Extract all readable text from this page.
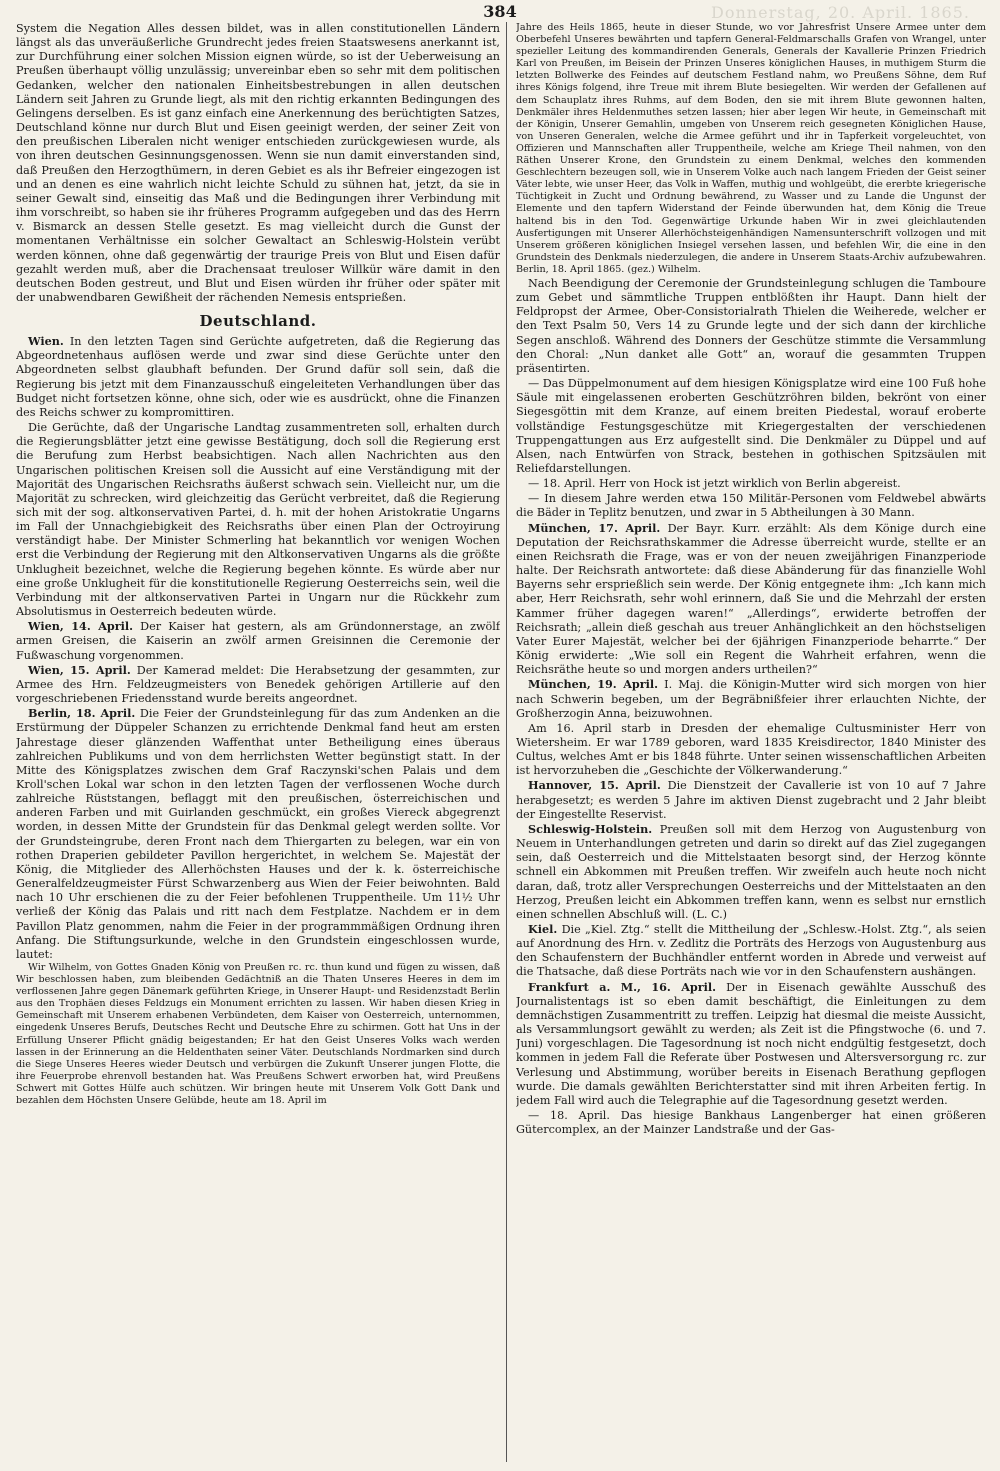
384	Donnerstag, 20. April. 1865.

System die Negation Alles dessen bildet, was in allen constitutionellen Ländern längst als das unveräußerliche Grundrecht jedes freien Staatswesens anerkannt ist, zur Durchführung einer solchen Mission eignen würde, so ist der Ueberweisung an Preußen überhaupt völlig unzulässig; unvereinbar eben so sehr mit dem politischen Gedanken, welcher den nationalen Einheitsbestrebungen in allen deutschen Ländern seit Jahren zu Grunde liegt, als mit den richtig erkannten Bedingungen des Gelingens derselben. Es ist ganz einfach eine Anerkennung des berüchtigten Satzes, Deutschland könne nur durch Blut und Eisen geeinigt werden, der seiner Zeit von den preußischen Liberalen nicht weniger entschieden zurückgewiesen wurde, als von ihren deutschen Gesinnungsgenossen. Wenn sie nun damit einverstanden sind, daß Preußen den Herzogthümern, in deren Gebiet es als ihr Befreier eingezogen ist und an denen es eine wahrlich nicht leichte Schuld zu sühnen hat, jetzt, da sie in seiner Gewalt sind, einseitig das Maß und die Bedingungen ihrer Verbindung mit ihm vorschreibt, so haben sie ihr früheres Programm aufgegeben und das des Herrn v. Bismarck an dessen Stelle gesetzt. Es mag vielleicht durch die Gunst der momentanen Verhältnisse ein solcher Gewaltact an Schleswig-Holstein verübt werden können, ohne daß gegenwärtig der traurige Preis von Blut und Eisen dafür gezahlt werden muß, aber die Drachensaat treuloser Willkür wäre damit in den deutschen Boden gestreut, und Blut und Eisen würden ihr früher oder später mit der unabwendbaren Gewißheit der rächenden Nemesis entsprießen.

Deutschland.

Wien. In den letzten Tagen sind Gerüchte aufgetreten, daß die Regierung das Abgeordnetenhaus auflösen werde und zwar sind diese Gerüchte unter den Abgeordneten selbst glaubhaft befunden. Der Grund dafür soll sein, daß die Regierung bis jetzt mit dem Finanzausschuß eingeleiteten Verhandlungen über das Budget nicht fortsetzen könne, ohne sich, oder wie es ausdrückt, ohne die Finanzen des Reichs schwer zu kompromittiren.

Die Gerüchte, daß der Ungarische Landtag zusammentreten soll, erhalten durch die Regierungsblätter jetzt eine gewisse Bestätigung, doch soll die Regierung erst die Berufung zum Herbst beabsichtigen. Nach allen Nachrichten aus den Ungarischen politischen Kreisen soll die Aussicht auf eine Verständigung mit der Majorität des Ungarischen Reichsraths äußerst schwach sein. Vielleicht nur, um die Majorität zu schrecken, wird gleichzeitig das Gerücht verbreitet, daß die Regierung sich mit der sog. altkonservativen Partei, d. h. mit der hohen Aristokratie Ungarns im Fall der Unnachgiebigkeit des Reichsraths über einen Plan der Octroyirung verständigt habe. Der Minister Schmerling hat bekanntlich vor wenigen Wochen erst die Verbindung der Regierung mit den Altkonservativen Ungarns als die größte Unklugheit bezeichnet, welche die Regierung begehen könnte. Es würde aber nur eine große Unklugheit für die konstitutionelle Regierung Oesterreichs sein, weil die Verbindung mit der altkonservativen Partei in Ungarn nur die Rückkehr zum Absolutismus in Oesterreich bedeuten würde.

Wien, 14. April. Der Kaiser hat gestern, als am Gründonnerstage, an zwölf armen Greisen, die Kaiserin an zwölf armen Greisinnen die Ceremonie der Fußwaschung vorgenommen.

Wien, 15. April. Der Kamerad meldet: Die Herabsetzung der gesammten, zur Armee des Hrn. Feldzeugmeisters von Benedek gehörigen Artillerie auf den vorgeschriebenen Friedensstand wurde bereits angeordnet.

Berlin, 18. April. Die Feier der Grundsteinlegung für das zum Andenken an die Erstürmung der Düppeler Schanzen zu errichtende Denkmal fand heut am ersten Jahrestage dieser glänzenden Waffenthat unter Betheiligung eines überaus zahlreichen Publikums und von dem herrlichsten Wetter begünstigt statt. In der Mitte des Königsplatzes zwischen dem Graf Raczynski'schen Palais und dem Kroll'schen Lokal war schon in den letzten Tagen der verflossenen Woche durch zahlreiche Rüststangen, beflaggt mit den preußischen, österreichischen und anderen Farben und mit Guirlanden geschmückt, ein großes Viereck abgegrenzt worden, in dessen Mitte der Grundstein für das Denkmal gelegt werden sollte. Vor der Grundsteingrube, deren Front nach dem Thiergarten zu belegen, war ein von rothen Draperien gebildeter Pavillon hergerichtet, in welchem Se. Majestät der König, die Mitglieder des Allerhöchsten Hauses und der k. k. österreichische Generalfeldzeugmeister Fürst Schwarzenberg aus Wien der Feier beiwohnten. Bald nach 10 Uhr erschienen die zu der Feier befohlenen Truppentheile. Um 11½ Uhr verließ der König das Palais und ritt nach dem Festplatze. Nachdem er in dem Pavillon Platz genommen, nahm die Feier in der programmmäßigen Ordnung ihren Anfang. Die Stiftungsurkunde, welche in den Grundstein eingeschlossen wurde, lautet:

Wir Wilhelm, von Gottes Gnaden König von Preußen rc. rc. thun kund und fügen zu wissen, daß Wir beschlossen haben, zum bleibenden Gedächtniß an die Thaten Unseres Heeres in dem im verflossenen Jahre gegen Dänemark geführten Kriege, in Unserer Haupt- und Residenzstadt Berlin aus den Trophäen dieses Feldzugs ein Monument errichten zu lassen. Wir haben diesen Krieg in Gemeinschaft mit Unserem erhabenen Verbündeten, dem Kaiser von Oesterreich, unternommen, eingedenk Unseres Berufs, Deutsches Recht und Deutsche Ehre zu schirmen. Gott hat Uns in der Erfüllung Unserer Pflicht gnädig beigestanden; Er hat den Geist Unseres Volks wach werden lassen in der Erinnerung an die Heldenthaten seiner Väter. Deutschlands Nordmarken sind durch die Siege Unseres Heeres wieder Deutsch und verbürgen die Zukunft Unserer jungen Flotte, die ihre Feuerprobe ehrenvoll bestanden hat. Was Preußens Schwert erworben hat, wird Preußens Schwert mit Gottes Hülfe auch schützen. Wir bringen heute mit Unserem Volk Gott Dank und bezahlen dem Höchsten Unsere Gelübde, heute am 18. April im

Jahre des Heils 1865, heute in dieser Stunde, wo vor Jahresfrist Unsere Armee unter dem Oberbefehl Unseres bewährten und tapfern General-Feldmarschalls Grafen von Wrangel, unter spezieller Leitung des kommandirenden Generals, Generals der Kavallerie Prinzen Friedrich Karl von Preußen, im Beisein der Prinzen Unseres königlichen Hauses, in muthigem Sturm die letzten Bollwerke des Feindes auf deutschem Festland nahm, wo Preußens Söhne, dem Ruf ihres Königs folgend, ihre Treue mit ihrem Blute besiegelten. Wir werden der Gefallenen auf dem Schauplatz ihres Ruhms, auf dem Boden, den sie mit ihrem Blute gewonnen halten, Denkmäler ihres Heldenmuthes setzen lassen; hier aber legen Wir heute, in Gemeinschaft mit der Königin, Unserer Gemahlin, umgeben von Unserem reich gesegneten Königlichen Hause, von Unseren Generalen, welche die Armee geführt und ihr in Tapferkeit vorgeleuchtet, von Offizieren und Mannschaften aller Truppentheile, welche am Kriege Theil nahmen, von den Räthen Unserer Krone, den Grundstein zu einem Denkmal, welches den kommenden Geschlechtern bezeugen soll, wie in Unserem Volke auch nach langem Frieden der Geist seiner Väter lebte, wie unser Heer, das Volk in Waffen, muthig und wohlgeübt, die ererbte kriegerische Tüchtigkeit in Zucht und Ordnung bewährend, zu Wasser und zu Lande die Ungunst der Elemente und den tapfern Widerstand der Feinde überwunden hat, dem König die Treue haltend bis in den Tod. Gegenwärtige Urkunde haben Wir in zwei gleichlautenden Ausfertigungen mit Unserer Allerhöchsteigenhändigen Namensunterschrift vollzogen und mit Unserem größeren königlichen Insiegel versehen lassen, und befehlen Wir, die eine in den Grundstein des Denkmals niederzulegen, die andere in Unserem Staats-Archiv aufzubewahren. Berlin, 18. April 1865. (gez.) Wilhelm.

Nach Beendigung der Ceremonie der Grundsteinlegung schlugen die Tamboure zum Gebet und sämmtliche Truppen entblößten ihr Haupt. Dann hielt der Feldpropst der Armee, Ober-Consistorialrath Thielen die Weiherede, welcher er den Text Psalm 50, Vers 14 zu Grunde legte und der sich dann der kirchliche Segen anschloß. Während des Donners der Geschütze stimmte die Versammlung den Choral: „Nun danket alle Gott“ an, worauf die gesammten Truppen präsentirten.

— Das Düppelmonument auf dem hiesigen Königsplatze wird eine 100 Fuß hohe Säule mit eingelassenen eroberten Geschützröhren bilden, bekrönt von einer Siegesgöttin mit dem Kranze, auf einem breiten Piedestal, worauf eroberte vollständige Festungsgeschütze mit Kriegergestalten der verschiedenen Truppengattungen aus Erz aufgestellt sind. Die Denkmäler zu Düppel und auf Alsen, nach Entwürfen von Strack, bestehen in gothischen Spitzsäulen mit Reliefdarstellungen.

— 18. April. Herr von Hock ist jetzt wirklich von Berlin abgereist.

— In diesem Jahre werden etwa 150 Militär-Personen vom Feldwebel abwärts die Bäder in Teplitz benutzen, und zwar in 5 Abtheilungen à 30 Mann.

München, 17. April. Der Bayr. Kurr. erzählt: Als dem Könige durch eine Deputation der Reichsrathskammer die Adresse überreicht wurde, stellte er an einen Reichsrath die Frage, was er von der neuen zweijährigen Finanzperiode halte. Der Reichsrath antwortete: daß diese Abänderung für das finanzielle Wohl Bayerns sehr ersprießlich sein werde. Der König entgegnete ihm: „Ich kann mich aber, Herr Reichsrath, sehr wohl erinnern, daß Sie und die Mehrzahl der ersten Kammer früher dagegen waren!“ „Allerdings“, erwiderte betroffen der Reichsrath; „allein dieß geschah aus treuer Anhänglichkeit an den höchstseligen Vater Eurer Majestät, welcher bei der 6jährigen Finanzperiode beharrte.“ Der König erwiderte: „Wie soll ein Regent die Wahrheit erfahren, wenn die Reichsräthe heute so und morgen anders urtheilen?“

München, 19. April. I. Maj. die Königin-Mutter wird sich morgen von hier nach Schwerin begeben, um der Begräbnißfeier ihrer erlauchten Nichte, der Großherzogin Anna, beizuwohnen.

Am 16. April starb in Dresden der ehemalige Cultusminister Herr von Wietersheim. Er war 1789 geboren, ward 1835 Kreisdirector, 1840 Minister des Cultus, welches Amt er bis 1848 führte. Unter seinen wissenschaftlichen Arbeiten ist hervorzuheben die „Geschichte der Völkerwanderung.“

Hannover, 15. April. Die Dienstzeit der Cavallerie ist von 10 auf 7 Jahre herabgesetzt; es werden 5 Jahre im aktiven Dienst zugebracht und 2 Jahr bleibt der Eingestellte Reservist.

Schleswig-Holstein. Preußen soll mit dem Herzog von Augustenburg von Neuem in Unterhandlungen getreten und darin so direkt auf das Ziel zugegangen sein, daß Oesterreich und die Mittelstaaten besorgt sind, der Herzog könnte schnell ein Abkommen mit Preußen treffen. Wir zweifeln auch heute noch nicht daran, daß, trotz aller Versprechungen Oesterreichs und der Mittelstaaten an den Herzog, Preußen leicht ein Abkommen treffen kann, wenn es selbst nur ernstlich einen schnellen Abschluß will. (L. C.)

Kiel. Die „Kiel. Ztg.“ stellt die Mittheilung der „Schlesw.-Holst. Ztg.“, als seien auf Anordnung des Hrn. v. Zedlitz die Porträts des Herzogs von Augustenburg aus den Schaufenstern der Buchhändler entfernt worden in Abrede und verweist auf die Thatsache, daß diese Porträts nach wie vor in den Schaufenstern aushängen.

Frankfurt a. M., 16. April. Der in Eisenach gewählte Ausschuß des Journalistentags ist so eben damit beschäftigt, die Einleitungen zu dem demnächstigen Zusammentritt zu treffen. Leipzig hat diesmal die meiste Aussicht, als Versammlungsort gewählt zu werden; als Zeit ist die Pfingstwoche (6. und 7. Juni) vorgeschlagen. Die Tagesordnung ist noch nicht endgültig festgesetzt, doch kommen in jedem Fall die Referate über Postwesen und Altersversorgung rc. zur Verlesung und Abstimmung, worüber bereits in Eisenach Berathung gepflogen wurde. Die damals gewählten Berichterstatter sind mit ihren Arbeiten fertig. In jedem Fall wird auch die Telegraphie auf die Tagesordnung gesetzt werden.

— 18. April. Das hiesige Bankhaus Langenberger hat einen größeren Gütercomplex, an der Mainzer Landstraße und der Gas-
